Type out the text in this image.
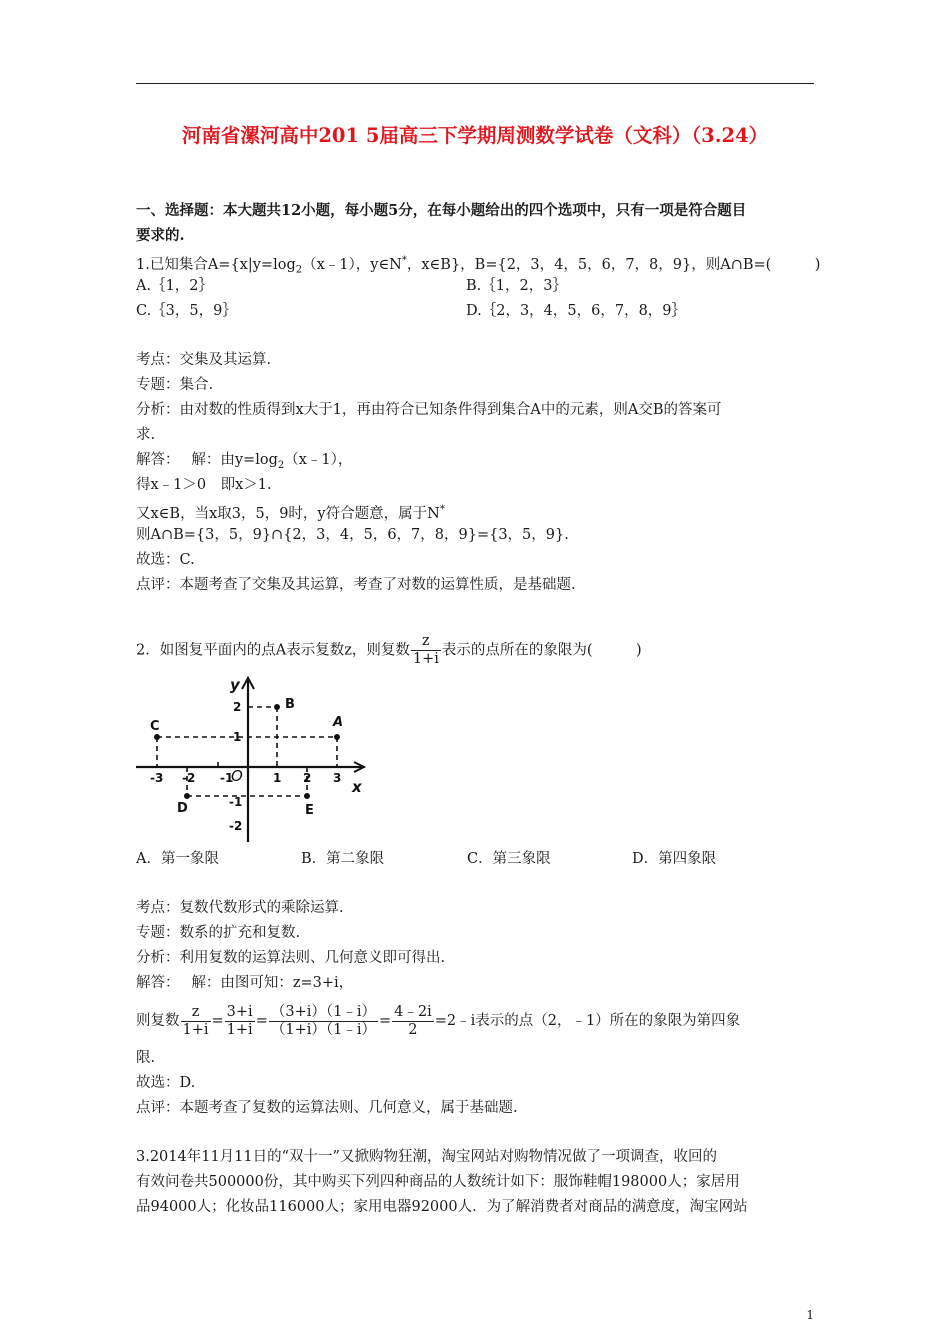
河南省漯河高中201 5届高三下学期周测数学试卷（文科）（3.24）
一、选择题：本大题共12小题，每小题5分，在每小题给出的四个选项中，只有一项是符合题目
要求的.
1.已知集合$A=\{x|y=\log_2(x﹣1)$，y∈N*，x∈B}，B={2，3，4，5，6，7，8，9}，则A∩B=(　　　)
A.｛1，2｝	B.｛1，2，3｝
C.｛3，5，9｝	D.｛2，3，4，5，6，7，8，9｝
考点：交集及其运算.
专题：集合.
分析：由对数的性质得到x大于1，再由符合已知条件得到集合A中的元素，则A交B的答案可
求.
解答：　 解：由$y=\log_2(x﹣1)$，
得x﹣1＞0　即x＞1.
又x∈B，当x取3，5，9时，y符合题意，属于N*
则A∩B={3，5，9}∩{2，3，4，5，6，7，8，9}={3，5，9}.
故选：C.
点评：本题考查了交集及其运算，考查了对数的运算性质，是基础题.
2．如图复平面内的点A表示复数z，则复数 $\frac{z}{1+i}$ 表示的点所在的象限为(　　　)
y
x
O
-3 -2 -1	1 2 3
2
1
-1
-2
A
B
C
D	E
A．第一象限	B．第二象限	C．第三象限	D．第四象限
考点：复数代数形式的乘除运算.
专题：数系的扩充和复数.
分析：利用复数的运算法则、几何意义即可得出.
解答：　 解：由图可知：z=3+i，
则复数 $\frac{z}{1+i} = \frac{3+i}{1+i} = \frac{(3+i)(1﹣i)}{(1+i)(1﹣i)} = \frac{4﹣2i}{2}$ =2﹣i表示的点（2，﹣1）所在的象限为第四象
限.
故选：D.
点评：本题考查了复数的运算法则、几何意义，属于基础题.
3.2014年11月11日的“双十一”又掀购物狂潮，淘宝网站对购物情况做了一项调查，收回的
有效问卷共500000份，其中购买下列四种商品的人数统计如下：服饰鞋帽198000人；家居用
品94000人；化妆品116000人；家用电器92000人．为了解消费者对商品的满意度，淘宝网站
1
